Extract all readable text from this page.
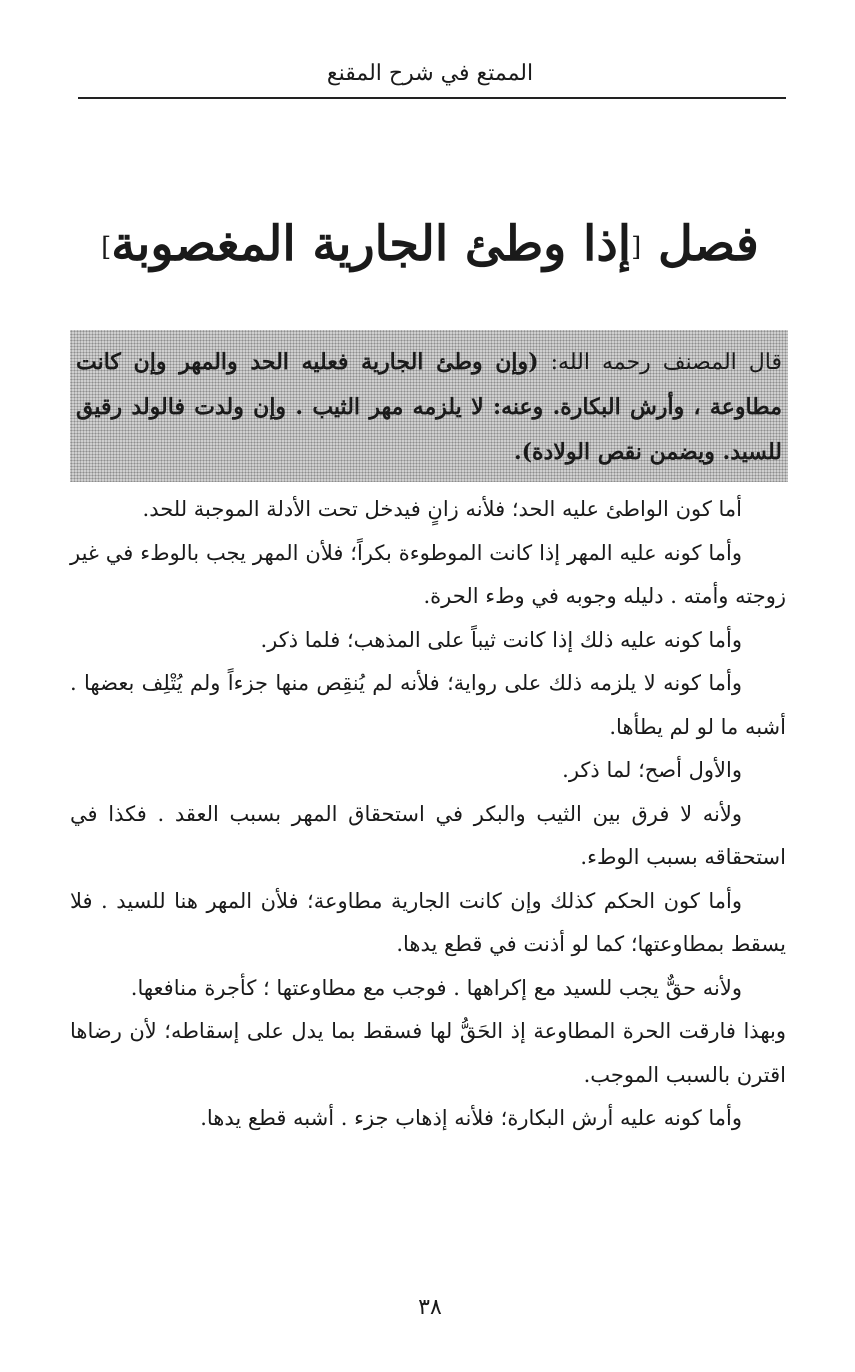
الممتع في شرح المقنع
فصل [إذا وطئ الجارية المغصوبة]
قال المصنف رحمه الله: (وإن وطئ الجارية فعليه الحد والمهر وإن كانت مطاوعة ، وأرش البكارة. وعنه: لا يلزمه مهر الثيب . وإن ولدت فالولد رقيق للسيد. ويضمن نقص الولادة).

أما كون الواطئ عليه الحد؛ فلأنه زانٍ فيدخل تحت الأدلة الموجبة للحد.

وأما كونه عليه المهر إذا كانت الموطوءة بكراً؛ فلأن المهر يجب بالوطء في غير زوجته وأمته . دليله وجوبه في وطء الحرة.

وأما كونه عليه ذلك إذا كانت ثيباً على المذهب؛ فلما ذكر.

وأما كونه لا يلزمه ذلك على رواية؛ فلأنه لم يُنقِص منها جزءاً ولم يُتْلِف بعضها . أشبه ما لو لم يطأها.

والأول أصح؛ لما ذكر.

ولأنه لا فرق بين الثيب والبكر في استحقاق المهر بسبب العقد . فكذا في استحقاقه بسبب الوطء.

وأما كون الحكم كذلك وإن كانت الجارية مطاوعة؛ فلأن المهر هنا للسيد . فلا يسقط بمطاوعتها؛ كما لو أذنت في قطع يدها.

ولأنه حقٌّ يجب للسيد مع إكراهها . فوجب مع مطاوعتها ؛ كأجرة منافعها.

وبهذا فارقت الحرة المطاوعة إذ الحَقُّ لها فسقط بما يدل على إسقاطه؛ لأن رضاها اقترن بالسبب الموجب.

وأما كونه عليه أرش البكارة؛ فلأنه إذهاب جزء . أشبه قطع يدها.

٣٨
